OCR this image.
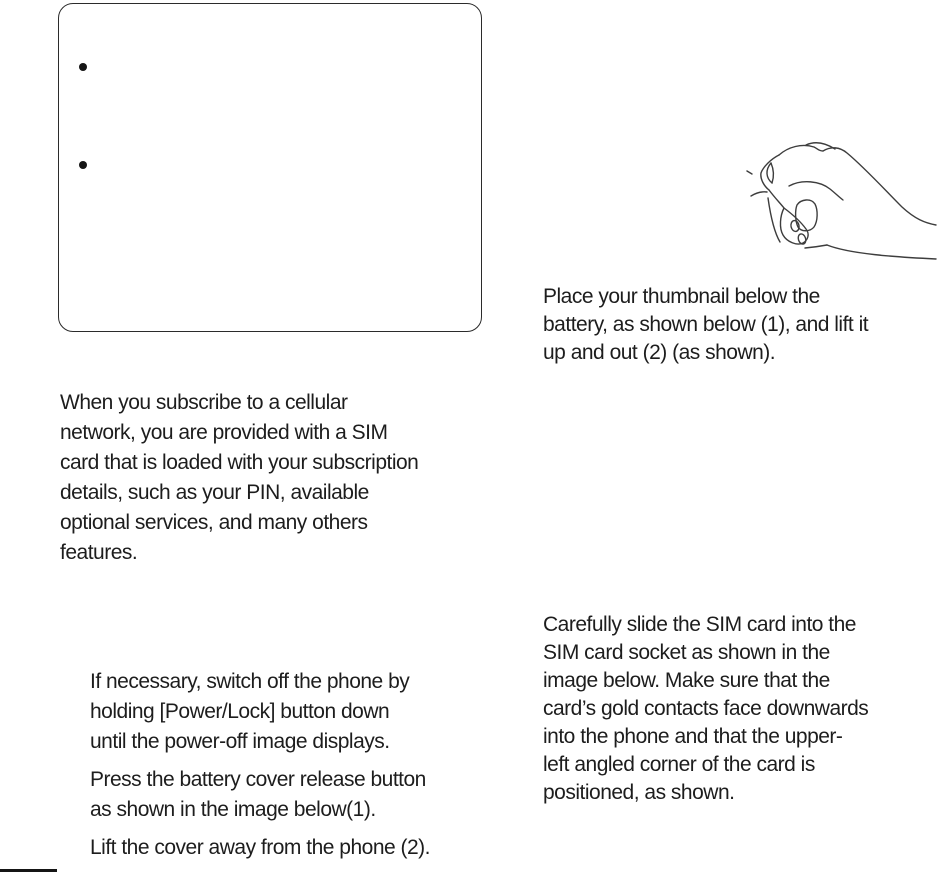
Place your thumbnail below the
battery, as shown below (1), and lift it
up and out (2) (as shown).
When you subscribe to a cellular
network, you are provided with a SIM
card that is loaded with your subscription
details, such as your PIN, available
optional services, and many others
features.
If necessary, switch off the phone by
holding [Power/Lock] button down
until the power-off image displays.
Press the battery cover release button
as shown in the image below(1).
Lift the cover away from the phone (2).
Carefully slide the SIM card into the
SIM card socket as shown in the
image below. Make sure that the
card’s gold contacts face downwards
into the phone and that the upper-
left angled corner of the card is
positioned, as shown.
